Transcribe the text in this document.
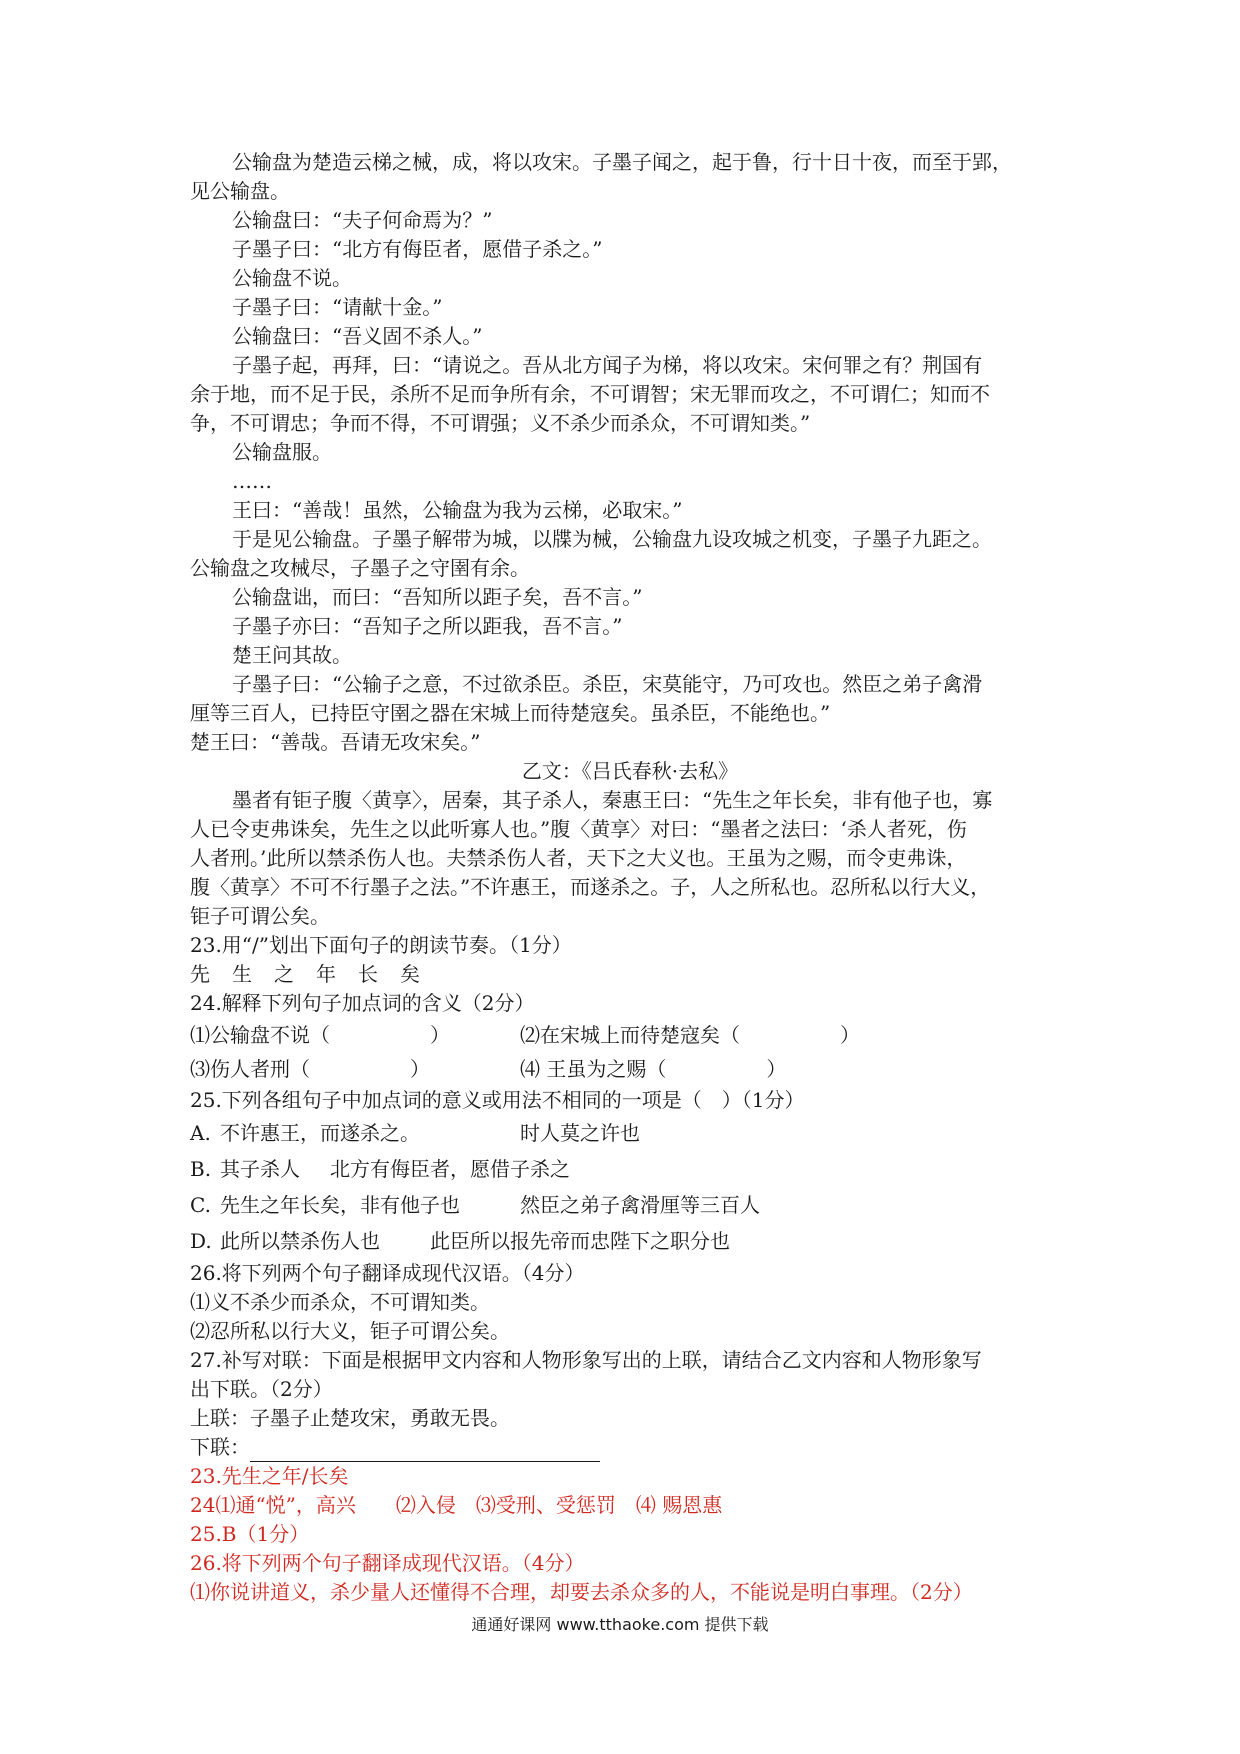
公输盘为楚造云梯之械，成，将以攻宋。子墨子闻之，起于鲁，行十日十夜，而至于郢，
见公输盘。
公输盘曰：“夫子何命焉为？”
子墨子曰：“北方有侮臣者，愿借子杀之。”
公输盘不说。
子墨子曰：“请献十金。”
公输盘曰：“吾义固不杀人。”
子墨子起，再拜，曰：“请说之。吾从北方闻子为梯，将以攻宋。宋何罪之有？荆国有
余于地，而不足于民，杀所不足而争所有余，不可谓智；宋无罪而攻之，不可谓仁；知而不
争，不可谓忠；争而不得，不可谓强；义不杀少而杀众，不可谓知类。”
公输盘服。
……
王曰：“善哉！虽然，公输盘为我为云梯，必取宋。”
于是见公输盘。子墨子解带为城，以牒为械，公输盘九设攻城之机变，子墨子九距之。
公输盘之攻械尽，子墨子之守圉有余。
公输盘诎，而曰：“吾知所以距子矣，吾不言。”
子墨子亦曰：“吾知子之所以距我，吾不言。”
楚王问其故。
子墨子曰：“公输子之意，不过欲杀臣。杀臣，宋莫能守，乃可攻也。然臣之弟子禽滑
厘等三百人，已持臣守圉之器在宋城上而待楚寇矣。虽杀臣，不能绝也。”
楚王曰：“善哉。吾请无攻宋矣。”
乙文：《吕氏春秋·去私》
墨者有钜子腹〈黄享〉，居秦，其子杀人，秦惠王曰：“先生之年长矣，非有他子也，寡
人已令吏弗诛矣，先生之以此听寡人也。”腹〈黄享〉对曰：“墨者之法曰：‘杀人者死，伤
人者刑。’此所以禁杀伤人也。夫禁杀伤人者，天下之大义也。王虽为之赐，而令吏弗诛，
腹〈黄享〉不可不行墨子之法。”不许惠王，而遂杀之。子，人之所私也。忍所私以行大义，
钜子可谓公矣。
23.用“/”划出下面句子的朗读节奏。（1分）
先生之年长矣
24.解释下列句子加点词的含义（2分）
⑴公输盘不说（　　　　　）	⑵在宋城上而待楚寇矣（　　　　　）
⑶伤人者刑（　　　　　）	⑷ 王虽为之赐（　　　　　）
25.下列各组句子中加点词的意义或用法不相同的一项是（　）（1分）
A. 不许惠王，而遂杀之。	时人莫之许也
B. 其子杀人	北方有侮臣者，愿借子杀之
C. 先生之年长矣，非有他子也	然臣之弟子禽滑厘等三百人
D. 此所以禁杀伤人也	此臣所以报先帝而忠陛下之职分也
26.将下列两个句子翻译成现代汉语。（4分）
⑴义不杀少而杀众，不可谓知类。
⑵忍所私以行大义，钜子可谓公矣。
27.补写对联：下面是根据甲文内容和人物形象写出的上联，请结合乙文内容和人物形象写
出下联。（2分）
上联：子墨子止楚攻宋，勇敢无畏。
下联：
23.先生之年/长矣
24⑴通“悦”，高兴　　⑵入侵　⑶受刑、受惩罚　⑷ 赐恩惠
25.B（1分）
26.将下列两个句子翻译成现代汉语。（4分）
⑴你说讲道义，杀少量人还懂得不合理，却要去杀众多的人，不能说是明白事理。（2分）
通通好课网 www.tthaoke.com 提供下载
